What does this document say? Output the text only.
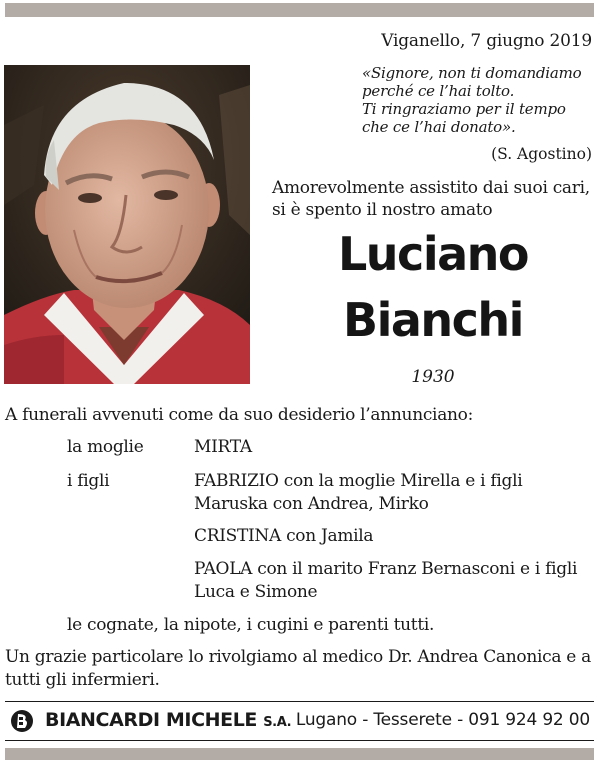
Viganello, 7 giugno 2019
«Signore, non ti domandiamo
perché ce l’hai tolto.
Ti ringraziamo per il tempo
che ce l’hai donato».
(S. Agostino)
Amorevolmente assistito dai suoi cari,
si è spento il nostro amato
Luciano
Bianchi
1930
A funerali avvenuti come da suo desiderio l’annunciano:
la moglie	MIRTA
i figli	FABRIZIO con la moglie Mirella e i figli
Maruska con Andrea, Mirko
CRISTINA con Jamila
PAOLA con il marito Franz Bernasconi e i figli
Luca e Simone
le cognate, la nipote, i cugini e parenti tutti.
Un grazie particolare lo rivolgiamo al medico Dr. Andrea Canonica e a
tutti gli infermieri.
BIANCARDI MICHELE S.A. Lugano - Tesserete - 091 924 92 00
